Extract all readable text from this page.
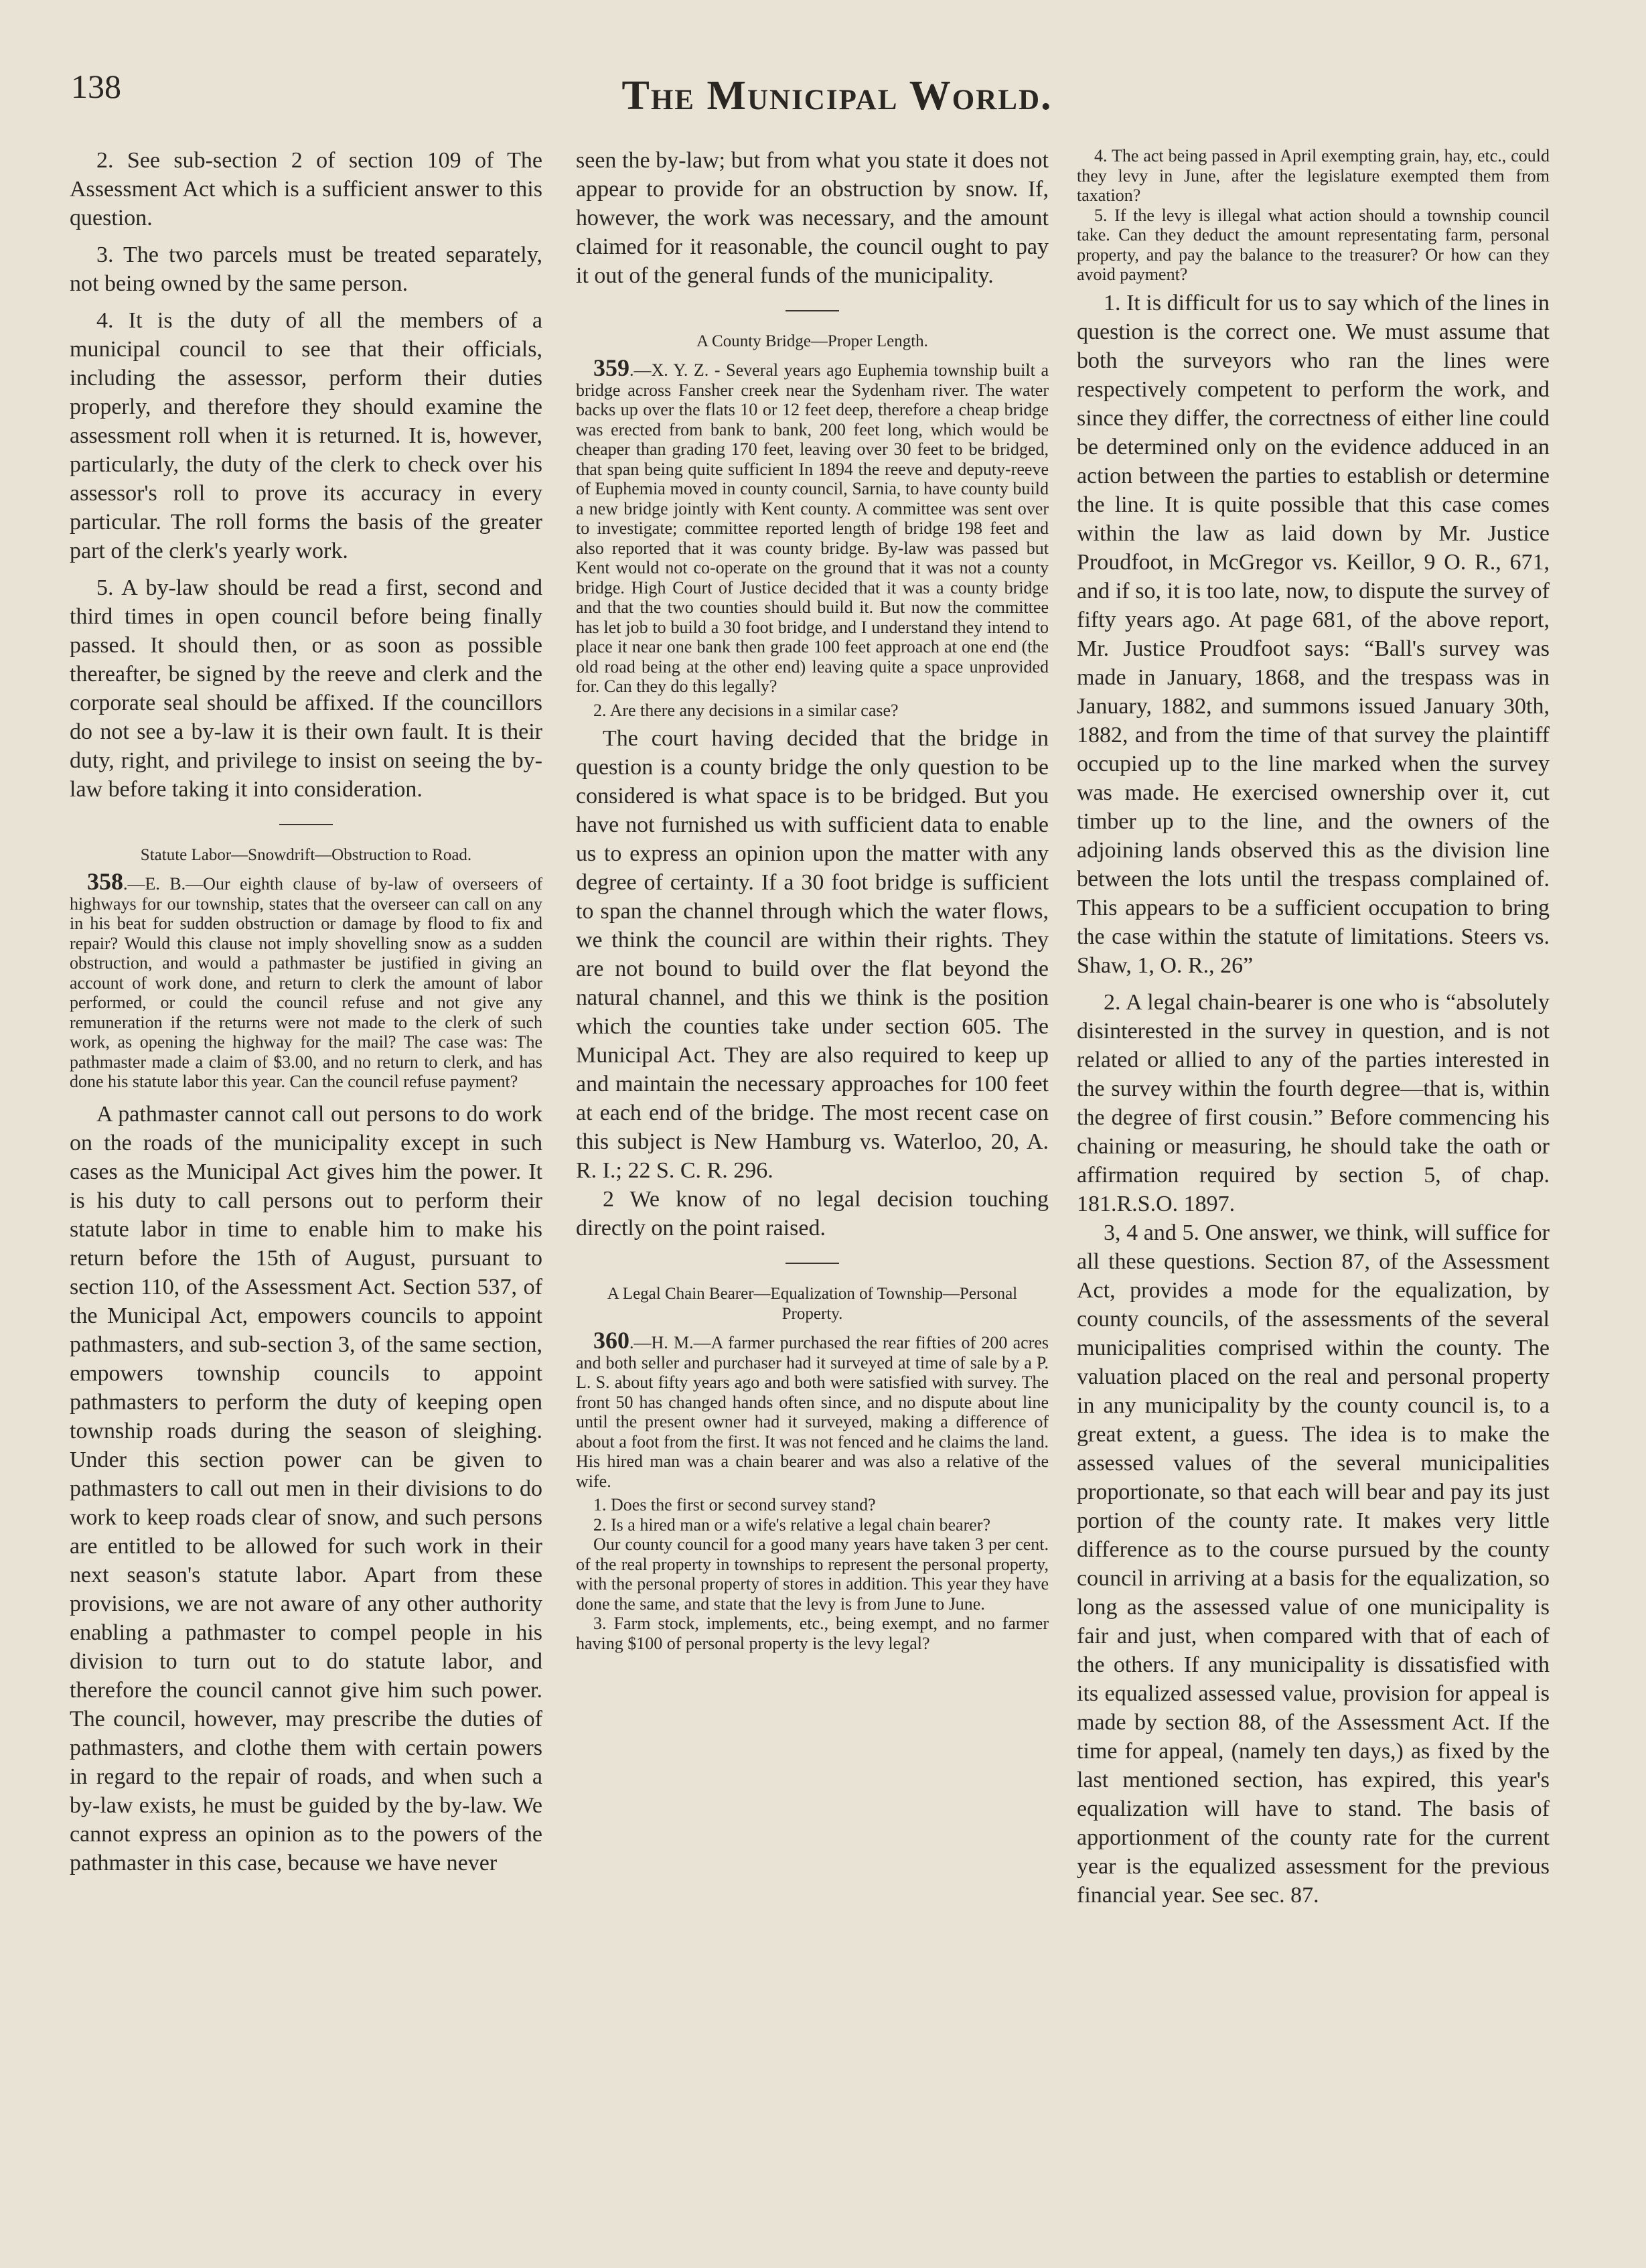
138	The Municipal World.

2. See sub-section 2 of section 109 of The Assessment Act which is a sufficient answer to this question.

3. The two parcels must be treated separately, not being owned by the same person.

4. It is the duty of all the members of a municipal council to see that their officials, including the assessor, perform their duties properly, and therefore they should examine the assessment roll when it is returned. It is, however, particularly, the duty of the clerk to check over his assessor's roll to prove its accuracy in every particular. The roll forms the basis of the greater part of the clerk's yearly work.

5. A by-law should be read a first, second and third times in open council before being finally passed. It should then, or as soon as possible thereafter, be signed by the reeve and clerk and the corporate seal should be affixed. If the councillors do not see a by-law it is their own fault. It is their duty, right, and privilege to insist on seeing the by-law before taking it into consideration.

Statute Labor—Snowdrift—Obstruction to Road.

358.—E. B.—Our eighth clause of by-law of overseers of highways for our township, states that the overseer can call on any in his beat for sudden obstruction or damage by flood to fix and repair? Would this clause not imply shovelling snow as a sudden obstruction, and would a pathmaster be justified in giving an account of work done, and return to clerk the amount of labor performed, or could the council refuse and not give any remuneration if the returns were not made to the clerk of such work, as opening the highway for the mail? The case was: The pathmaster made a claim of $3.00, and no return to clerk, and has done his statute labor this year. Can the council refuse payment?

A pathmaster cannot call out persons to do work on the roads of the municipality except in such cases as the Municipal Act gives him the power. It is his duty to call persons out to perform their statute labor in time to enable him to make his return before the 15th of August, pursuant to section 110, of the Assessment Act. Section 537, of the Municipal Act, empowers councils to appoint pathmasters, and sub-section 3, of the same section, empowers township councils to appoint pathmasters to perform the duty of keeping open township roads during the season of sleighing. Under this section power can be given to pathmasters to call out men in their divisions to do work to keep roads clear of snow, and such persons are entitled to be allowed for such work in their next season's statute labor. Apart from these provisions, we are not aware of any other authority enabling a pathmaster to compel people in his division to turn out to do statute labor, and therefore the council cannot give him such power. The council, however, may prescribe the duties of pathmasters, and clothe them with certain powers in regard to the repair of roads, and when such a by-law exists, he must be guided by the by-law. We cannot express an opinion as to the powers of the pathmaster in this case, because we have never

seen the by-law; but from what you state it does not appear to provide for an obstruction by snow. If, however, the work was necessary, and the amount claimed for it reasonable, the council ought to pay it out of the general funds of the municipality.

A County Bridge—Proper Length.

359.—X. Y. Z. - Several years ago Euphemia township built a bridge across Fansher creek near the Sydenham river. The water backs up over the flats 10 or 12 feet deep, therefore a cheap bridge was erected from bank to bank, 200 feet long, which would be cheaper than grading 170 feet, leaving over 30 feet to be bridged, that span being quite sufficient In 1894 the reeve and deputy-reeve of Euphemia moved in county council, Sarnia, to have county build a new bridge jointly with Kent county. A committee was sent over to investigate; committee reported length of bridge 198 feet and also reported that it was county bridge. By-law was passed but Kent would not co-operate on the ground that it was not a county bridge. High Court of Justice decided that it was a county bridge and that the two counties should build it. But now the committee has let job to build a 30 foot bridge, and I understand they intend to place it near one bank then grade 100 feet approach at one end (the old road being at the other end) leaving quite a space unprovided for. Can they do this legally?

2. Are there any decisions in a similar case?

The court having decided that the bridge in question is a county bridge the only question to be considered is what space is to be bridged. But you have not furnished us with sufficient data to enable us to express an opinion upon the matter with any degree of certainty. If a 30 foot bridge is sufficient to span the channel through which the water flows, we think the council are within their rights. They are not bound to build over the flat beyond the natural channel, and this we think is the position which the counties take under section 605. The Municipal Act. They are also required to keep up and maintain the necessary approaches for 100 feet at each end of the bridge. The most recent case on this subject is New Hamburg vs. Waterloo, 20, A. R. I.; 22 S. C. R. 296.

2 We know of no legal decision touching directly on the point raised.

A Legal Chain Bearer—Equalization of Township—Personal Property.

360.—H. M.—A farmer purchased the rear fifties of 200 acres and both seller and purchaser had it surveyed at time of sale by a P. L. S. about fifty years ago and both were satisfied with survey. The front 50 has changed hands often since, and no dispute about line until the present owner had it surveyed, making a difference of about a foot from the first. It was not fenced and he claims the land. His hired man was a chain bearer and was also a relative of the wife.

1. Does the first or second survey stand?

2. Is a hired man or a wife's relative a legal chain bearer?

Our county council for a good many years have taken 3 per cent. of the real property in townships to represent the personal property, with the personal property of stores in addition. This year they have done the same, and state that the levy is from June to June.

3. Farm stock, implements, etc., being exempt, and no farmer having $100 of personal property is the levy legal?

4. The act being passed in April exempting grain, hay, etc., could they levy in June, after the legislature exempted them from taxation?

5. If the levy is illegal what action should a township council take. Can they deduct the amount representating farm, personal property, and pay the balance to the treasurer? Or how can they avoid payment?

1. It is difficult for us to say which of the lines in question is the correct one. We must assume that both the surveyors who ran the lines were respectively competent to perform the work, and since they differ, the correctness of either line could be determined only on the evidence adduced in an action between the parties to establish or determine the line. It is quite possible that this case comes within the law as laid down by Mr. Justice Proudfoot, in McGregor vs. Keillor, 9 O. R., 671, and if so, it is too late, now, to dispute the survey of fifty years ago. At page 681, of the above report, Mr. Justice Proudfoot says: “Ball's survey was made in January, 1868, and the trespass was in January, 1882, and summons issued January 30th, 1882, and from the time of that survey the plaintiff occupied up to the line marked when the survey was made. He exercised ownership over it, cut timber up to the line, and the owners of the adjoining lands observed this as the division line between the lots until the trespass complained of. This appears to be a sufficient occupation to bring the case within the statute of limitations. Steers vs. Shaw, 1, O. R., 26”

2. A legal chain-bearer is one who is “absolutely disinterested in the survey in question, and is not related or allied to any of the parties interested in the survey within the fourth degree—that is, within the degree of first cousin.” Before commencing his chaining or measuring, he should take the oath or affirmation required by section 5, of chap. 181.R.S.O. 1897.

3, 4 and 5. One answer, we think, will suffice for all these questions. Section 87, of the Assessment Act, provides a mode for the equalization, by county councils, of the assessments of the several municipalities comprised within the county. The valuation placed on the real and personal property in any municipality by the county council is, to a great extent, a guess. The idea is to make the assessed values of the several municipalities proportionate, so that each will bear and pay its just portion of the county rate. It makes very little difference as to the course pursued by the county council in arriving at a basis for the equalization, so long as the assessed value of one municipality is fair and just, when compared with that of each of the others. If any municipality is dissatisfied with its equalized assessed value, provision for appeal is made by section 88, of the Assessment Act. If the time for appeal, (namely ten days,) as fixed by the last mentioned section, has expired, this year's equalization will have to stand. The basis of apportionment of the county rate for the current year is the equalized assessment for the previous financial year. See sec. 87.
